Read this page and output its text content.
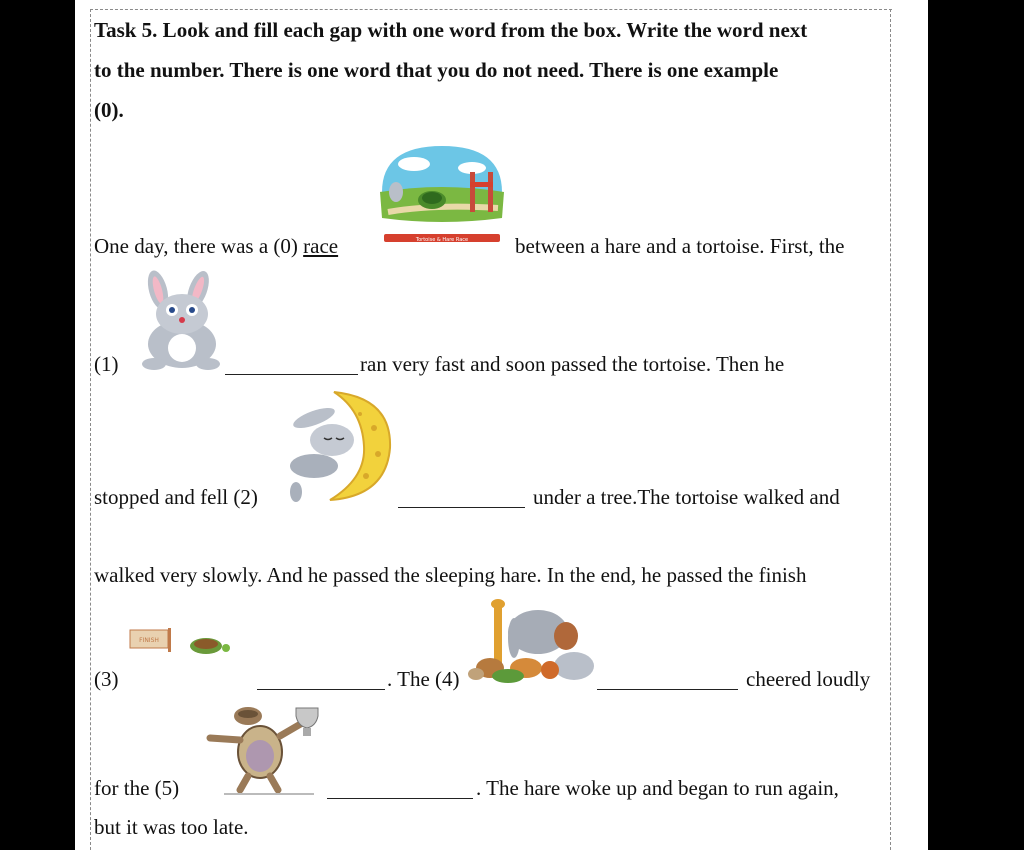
Task 5. Look and fill each gap with one word from the box. Write the word next
to the number. There is one word that you do not need. There is one example
(0).
Tortoise & Hare Race
One day, there was a (0) race	between a hare and a tortoise. First, the
(1)	ran very fast and soon passed the tortoise. Then he
stopped and fell (2)	under a tree.The tortoise walked and
walked very slowly. And he passed the sleeping hare. In the end, he passed the finish
FINISH
(3)	. The (4)	cheered loudly
for the (5)	. The hare woke up and began to run again,
but it was too late.
